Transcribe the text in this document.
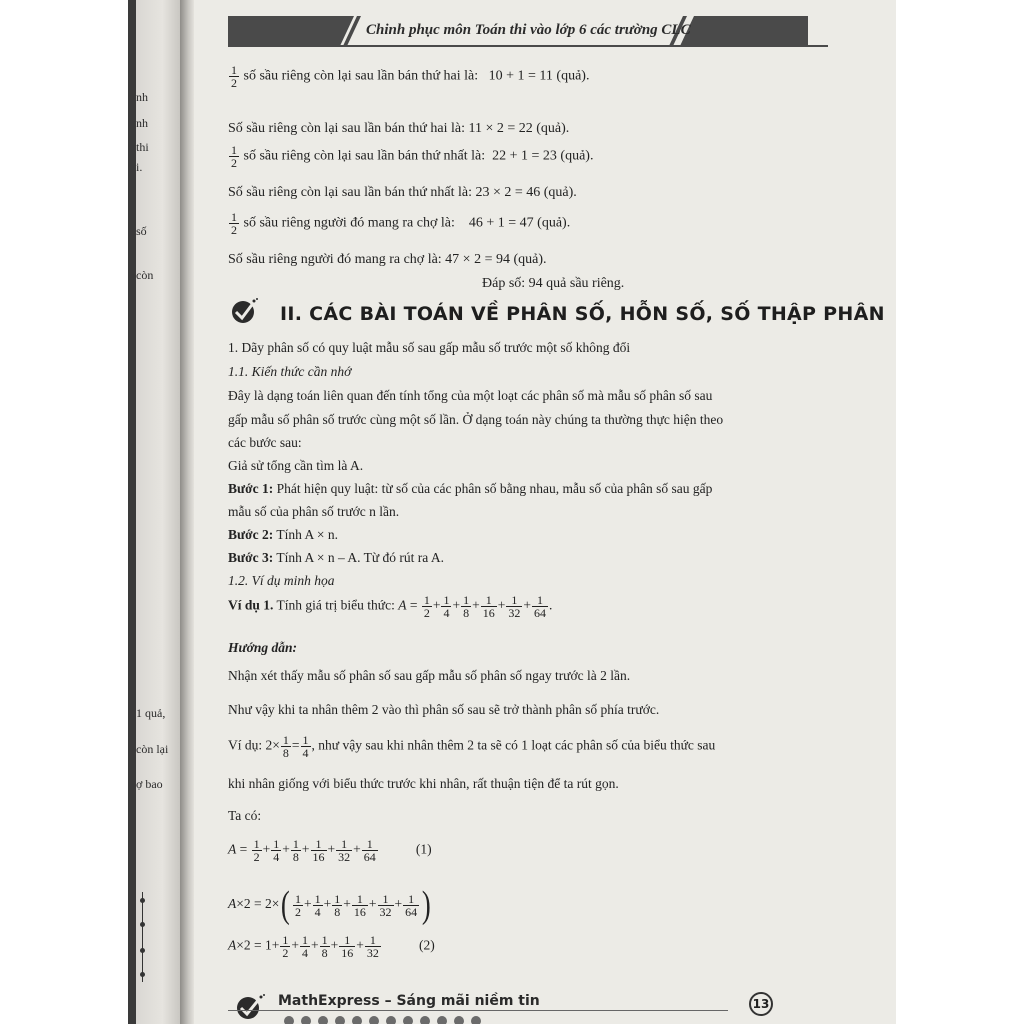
nh
nh
thi
i.
số
còn
1 quả,
còn lại
ợ bao
Chinh phục môn Toán thi vào lớp 6 các trường CLC
$\frac{1}{2}$ số sầu riêng còn lại sau lần bán thứ hai là: 10 + 1 = 11 (quả).
Số sầu riêng còn lại sau lần bán thứ hai là: 11 × 2 = 22 (quả).
$\frac{1}{2}$ số sầu riêng còn lại sau lần bán thứ nhất là: 22 + 1 = 23 (quả).
Số sầu riêng còn lại sau lần bán thứ nhất là: 23 × 2 = 46 (quả).
$\frac{1}{2}$ số sầu riêng người đó mang ra chợ là: 46 + 1 = 47 (quả).
Số sầu riêng người đó mang ra chợ là: 47 × 2 = 94 (quả).
Đáp số: 94 quả sầu riêng.
II. CÁC BÀI TOÁN VỀ PHÂN SỐ, HỖN SỐ, SỐ THẬP PHÂN
1. Dãy phân số có quy luật mẫu số sau gấp mẫu số trước một số không đổi
1.1. Kiến thức cần nhớ
Đây là dạng toán liên quan đến tính tổng của một loạt các phân số mà mẫu số phân số sau
gấp mẫu số phân số trước cùng một số lần. Ở dạng toán này chúng ta thường thực hiện theo
các bước sau:
Giả sử tổng cần tìm là A.
Bước 1: Phát hiện quy luật: từ số của các phân số bằng nhau, mẫu số của phân số sau gấp
mẫu số của phân số trước n lần.
Bước 2: Tính A × n.
Bước 3: Tính A × n – A. Từ đó rút ra A.
1.2. Ví dụ minh họa
Ví dụ 1. Tính giá trị biểu thức: $A = \frac{1}{2} + \frac{1}{4} + \frac{1}{8} + \frac{1}{16} + \frac{1}{32} + \frac{1}{64}$ .
Hướng dẫn:
Nhận xét thấy mẫu số phân số sau gấp mẫu số phân số ngay trước là 2 lần.
Như vậy khi ta nhân thêm 2 vào thì phân số sau sẽ trở thành phân số phía trước.
Ví dụ: $2\times \frac{1}{8} = \frac{1}{4}$ , như vậy sau khi nhân thêm 2 ta sẽ có 1 loạt các phân số của biểu thức sau
khi nhân giống với biểu thức trước khi nhân, rất thuận tiện để ta rút gọn.
Ta có:
$A = \frac{1}{2} + \frac{1}{4} + \frac{1}{8} + \frac{1}{16} + \frac{1}{32} + \frac{1}{64}$	(1)
$A\times 2 = 2\times( \frac{1}{2} + \frac{1}{4} + \frac{1}{8} + \frac{1}{16} + \frac{1}{32} + \frac{1}{64}$ )
$A\times 2 = 1+ \frac{1}{2} + \frac{1}{4} + \frac{1}{8} + \frac{1}{16} + \frac{1}{32}$	(2)
MathExpress – Sáng mãi niềm tin	13
